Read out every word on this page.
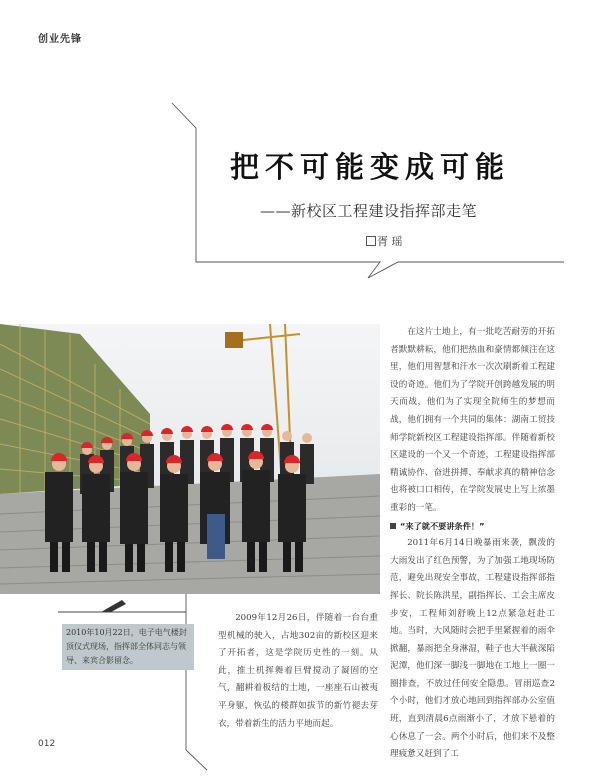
创业先锋
把不可能变成可能
——新校区工程建设指挥部走笔
胥 瑶

在这片土地上，有一批吃苦耐劳的开拓者默默耕耘，他们把热血和豪情都倾注在这里，他们用智慧和汗水一次次刷新着工程建设的奇迹。他们为了学院开创跨越发展的明天而战，他们为了实现全院师生的梦想而战，他们拥有一个共同的集体：湖南工贸技师学院新校区工程建设指挥部。伴随着新校区建设的一个又一个奇迹，工程建设指挥部精诚协作、奋进拼搏、奉献求真的精神信念也将被口口相传，在学院发展史上写上浓墨重彩的一笔。

“来了就不要讲条件！”

2011年6月14日晚暴雨来袭，飘泼的大雨发出了红色预警，为了加强工地现场防范，避免出现安全事故，工程建设指挥部指挥长、院长陈洪星，副指挥长、工会主席皮步安，工程师刘舒晚上12点紧急赶赴工地。当时，大风随时会把手里紧握着的雨伞掀翻，暴雨把全身淋湿，鞋子也大半截深陷泥潭，他们深一脚浅一脚地在工地上一圈一圈排查，不放过任何安全隐患。冒雨巡查2个小时，他们才放心地回到指挥部办公室值班，直到清晨6点雨渐小了，才放下悬着的心休息了一会。两个小时后，他们来不及整理疲惫又赶到了工

2010年10月22日，电子电气楼封顶仪式现场，指挥部全体同志与领导、来宾合影留念。

2009年12月26日，伴随着一台台重型机械的驶入，占地302亩的新校区迎来了开拓者，这是学院历史性的一刻。从此，推土机挥舞着巨臂搅动了凝固的空气，翻耕着板结的土地，一座座石山被夷平身躯，恢弘的楼群如拔节的新竹褪去芽衣，带着新生的活力平地而起。

012
